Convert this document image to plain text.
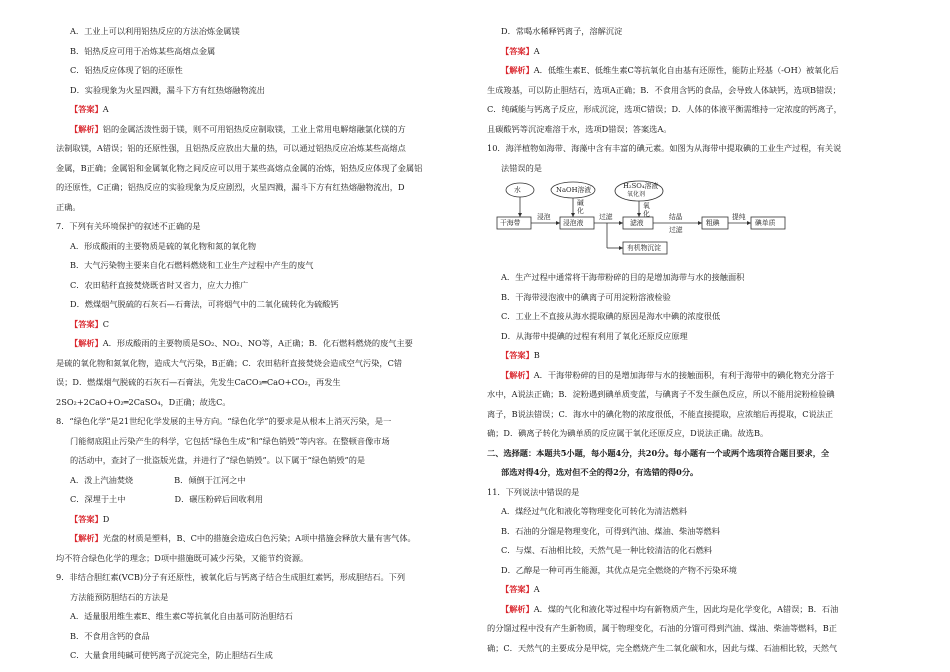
A．工业上可以利用铝热反应的方法冶炼金属镁
B．铝热反应可用于冶炼某些高熔点金属
C．铝热反应体现了铝的还原性
D．实验现象为火星四溅，漏斗下方有红热熔融物流出
【答案】A
【解析】铝的金属活泼性弱于镁，则不可用铝热反应制取镁，工业上常用电解熔融氯化镁的方
法制取镁，A错误；铝的还原性强，且铝热反应放出大量的热，可以通过铝热反应冶炼某些高熔点
金属，B正确；金属铝和金属氧化物之间反应可以用于某些高熔点金属的冶炼，铝热反应体现了金属铝
的还原性，C正确；铝热反应的实验现象为反应剧烈，火星四溅，漏斗下方有红热熔融物流出，D
正确。
7．下列有关环境保护的叙述不正确的是
A．形成酸雨的主要物质是硫的氧化物和氮的氧化物
B．大气污染物主要来自化石燃料燃烧和工业生产过程中产生的废气
C．农田秸秆直接焚烧既省时又省力，应大力推广
D．燃煤烟气脱硫的石灰石—石膏法，可将烟气中的二氧化硫转化为硫酸钙
【答案】C
【解析】A．形成酸雨的主要物质是SO₂、NO₂、NO等，A正确；B．化石燃料燃烧的废气主要
是硫的氧化物和氮氧化物，造成大气污染，B正确；C．农田秸秆直接焚烧会造成空气污染，C错
误；D．燃煤烟气脱硫的石灰石—石膏法，先发生CaCO₃═CaO+CO₂，再发生
2SO₂+2CaO+O₂═2CaSO₄，D正确；故选C。
8．“绿色化学”是21世纪化学发展的主导方向。“绿色化学”的要求是从根本上消灭污染，是一
门能彻底阻止污染产生的科学，它包括“绿色生成”和“绿色销毁”等内容。在整顿音像市场
的活动中，查封了一批盗版光盘，并进行了“绿色销毁”。以下属于“绿色销毁”的是
A．泼上汽油焚烧　　　　　B．倾倒于江河之中
C．深埋于土中　　　　　　D．碾压粉碎后回收利用
【答案】D
【解析】光盘的材质是塑料，B、C中的措施会造成白色污染；A项中措施会释放大量有害气体。
均不符合绿色化学的理念；D项中措施既可减少污染，又能节约资源。
9．非结合胆红素(VCB)分子有还原性，被氧化后与钙离子结合生成胆红素钙，形成胆结石。下列
方法能预防胆结石的方法是
A．适量服用维生素E、维生素C等抗氧化自由基可防治胆结石
B．不食用含钙的食品
C．大量食用纯碱可使钙离子沉淀完全，防止胆结石生成
D．常喝水稀释钙离子，溶解沉淀
【答案】A
【解析】A．低维生素E、低维生素C等抗氧化自由基有还原性，能防止羟基（-OH）被氧化后
生成羧基，可以防止胆结石，选项A正确；B．不食用含钙的食品，会导致人体缺钙，选项B错误；
C．纯碱能与钙离子反应，形成沉淀，选项C错误；D．人体的体液平衡需维持一定浓度的钙离子，
且碳酸钙等沉淀难溶于水，选项D错误；答案选A。
10．海洋植物如海带、海藻中含有丰富的碘元素。如图为从海带中提取碘的工业生产过程，有关说
法错误的是
水	NaOH溶液	H₂SO₄溶液
氧化剂
干海带
浸泡
浸泡液
过滤
滤液
结晶
过滤
粗碘
提纯
碘单质
碱化
氧化
有机物沉淀
A．生产过程中通常将干海带粉碎的目的是增加海带与水的接触面积
B．干海带浸泡液中的碘离子可用淀粉溶液检验
C．工业上不直接从海水提取碘的原因是海水中碘的浓度很低
D．从海带中提碘的过程有利用了氧化还原反应原理
【答案】B
【解析】A．干海带粉碎的目的是增加海带与水的接触面积，有利于海带中的碘化物充分溶于
水中，A说法正确；B．淀粉遇到碘单质变蓝，与碘离子不发生颜色反应，所以不能用淀粉检验碘
离子，B说法错误；C．海水中的碘化物的浓度很低，不能直接提取，应浓缩后再提取，C说法正
确；D．碘离子转化为碘单质的反应属于氧化还原反应，D说法正确。故选B。
二、选择题：本题共5小题，每小题4分，共20分。每小题有一个或两个选项符合题目要求，全
部选对得4分，选对但不全的得2分，有选错的得0分。
11．下列说法中错误的是
A．煤经过气化和液化等物理变化可转化为清洁燃料
B．石油的分馏是物理变化，可得到汽油、煤油、柴油等燃料
C．与煤、石油相比较，天然气是一种比较清洁的化石燃料
D．乙醇是一种可再生能源，其优点是完全燃烧的产物不污染环境
【答案】A
【解析】A．煤的气化和液化等过程中均有新物质产生，因此均是化学变化，A错误；B．石油
的分馏过程中没有产生新物质，属于物理变化，石油的分馏可得到汽油、煤油、柴油等燃料，B正
确；C．天然气的主要成分是甲烷，完全燃烧产生二氧化碳和水，因此与煤、石油相比较，天然气
